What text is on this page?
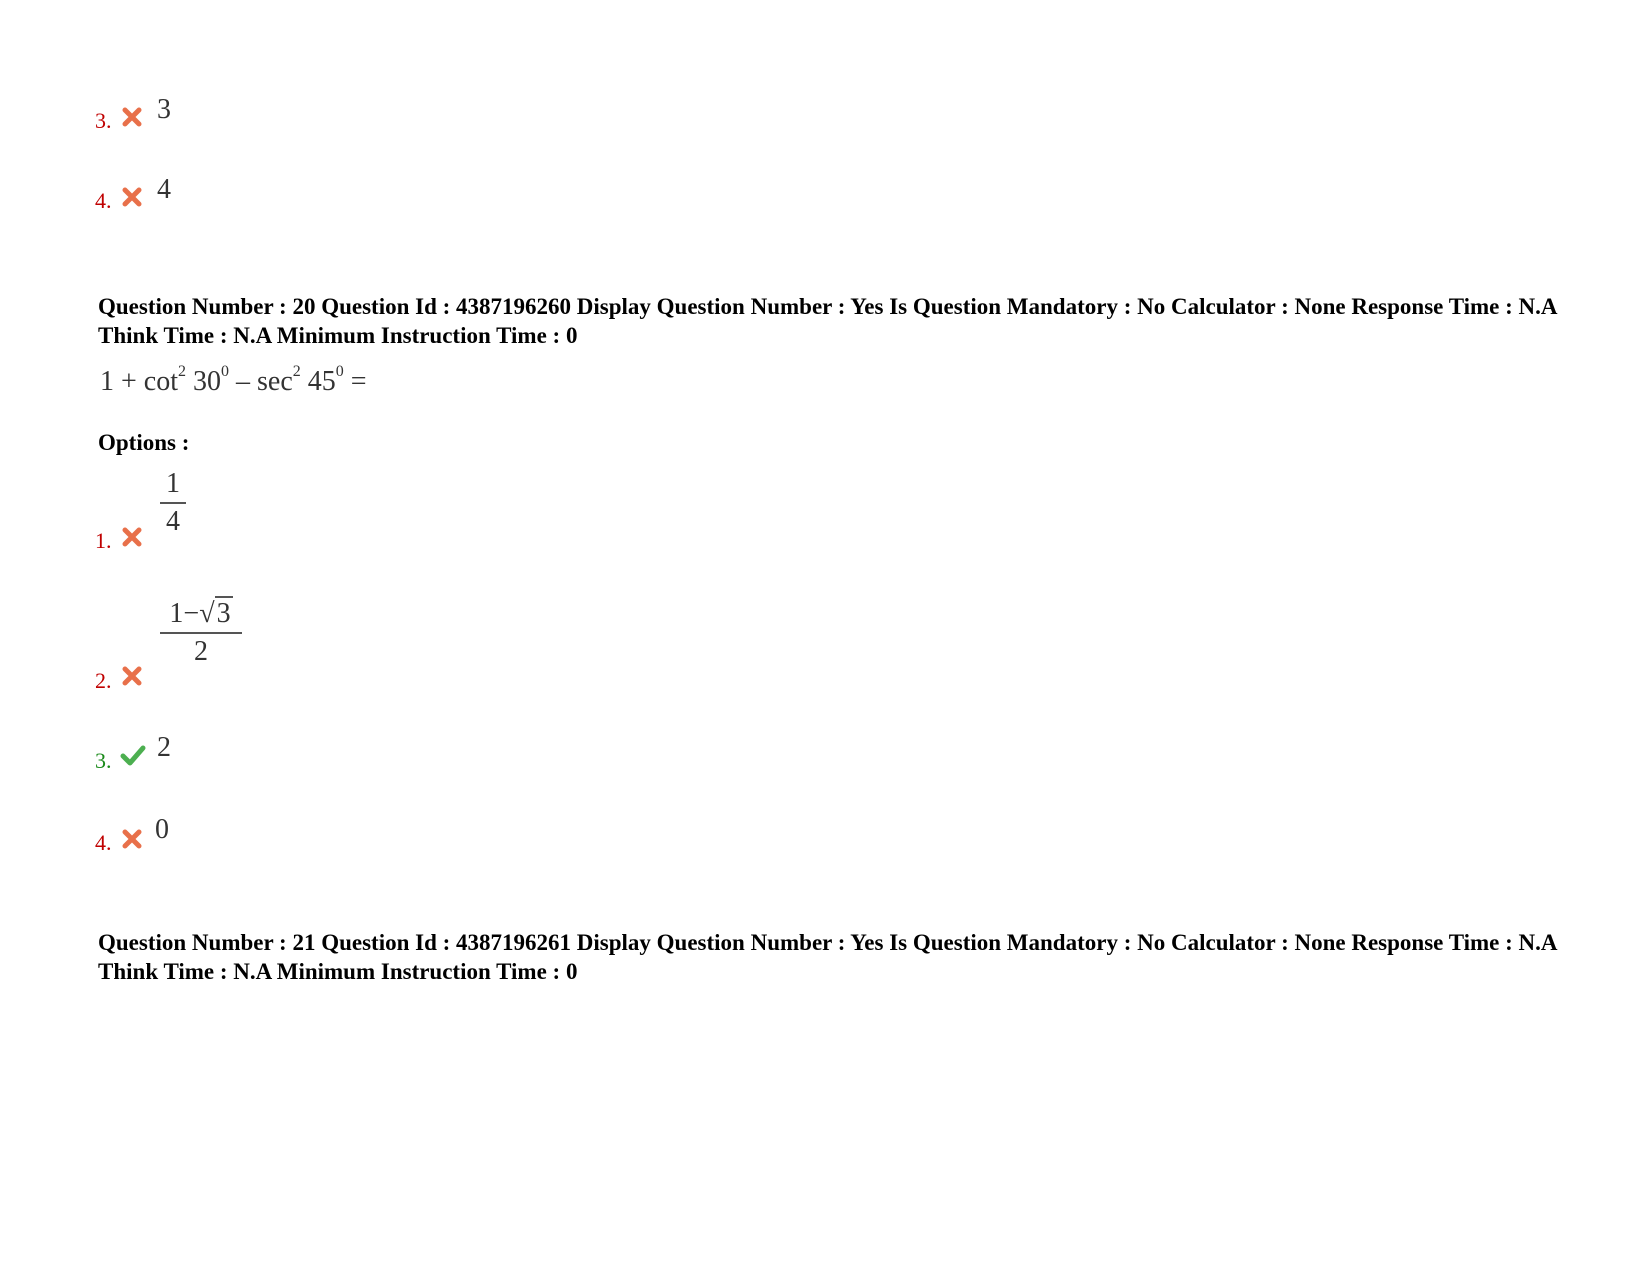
3. 3
4. 4
Question Number : 20 Question Id : 4387196260 Display Question Number : Yes Is Question Mandatory : No Calculator : None Response Time : N.A Think Time : N.A Minimum Instruction Time : 0
$1 + \cot^2 30^0 - \sec^2 45^0$ =
Options :
1.
1
4
2.
1−√3
2
3. 2
4. 0
Question Number : 21 Question Id : 4387196261 Display Question Number : Yes Is Question Mandatory : No Calculator : None Response Time : N.A Think Time : N.A Minimum Instruction Time : 0
